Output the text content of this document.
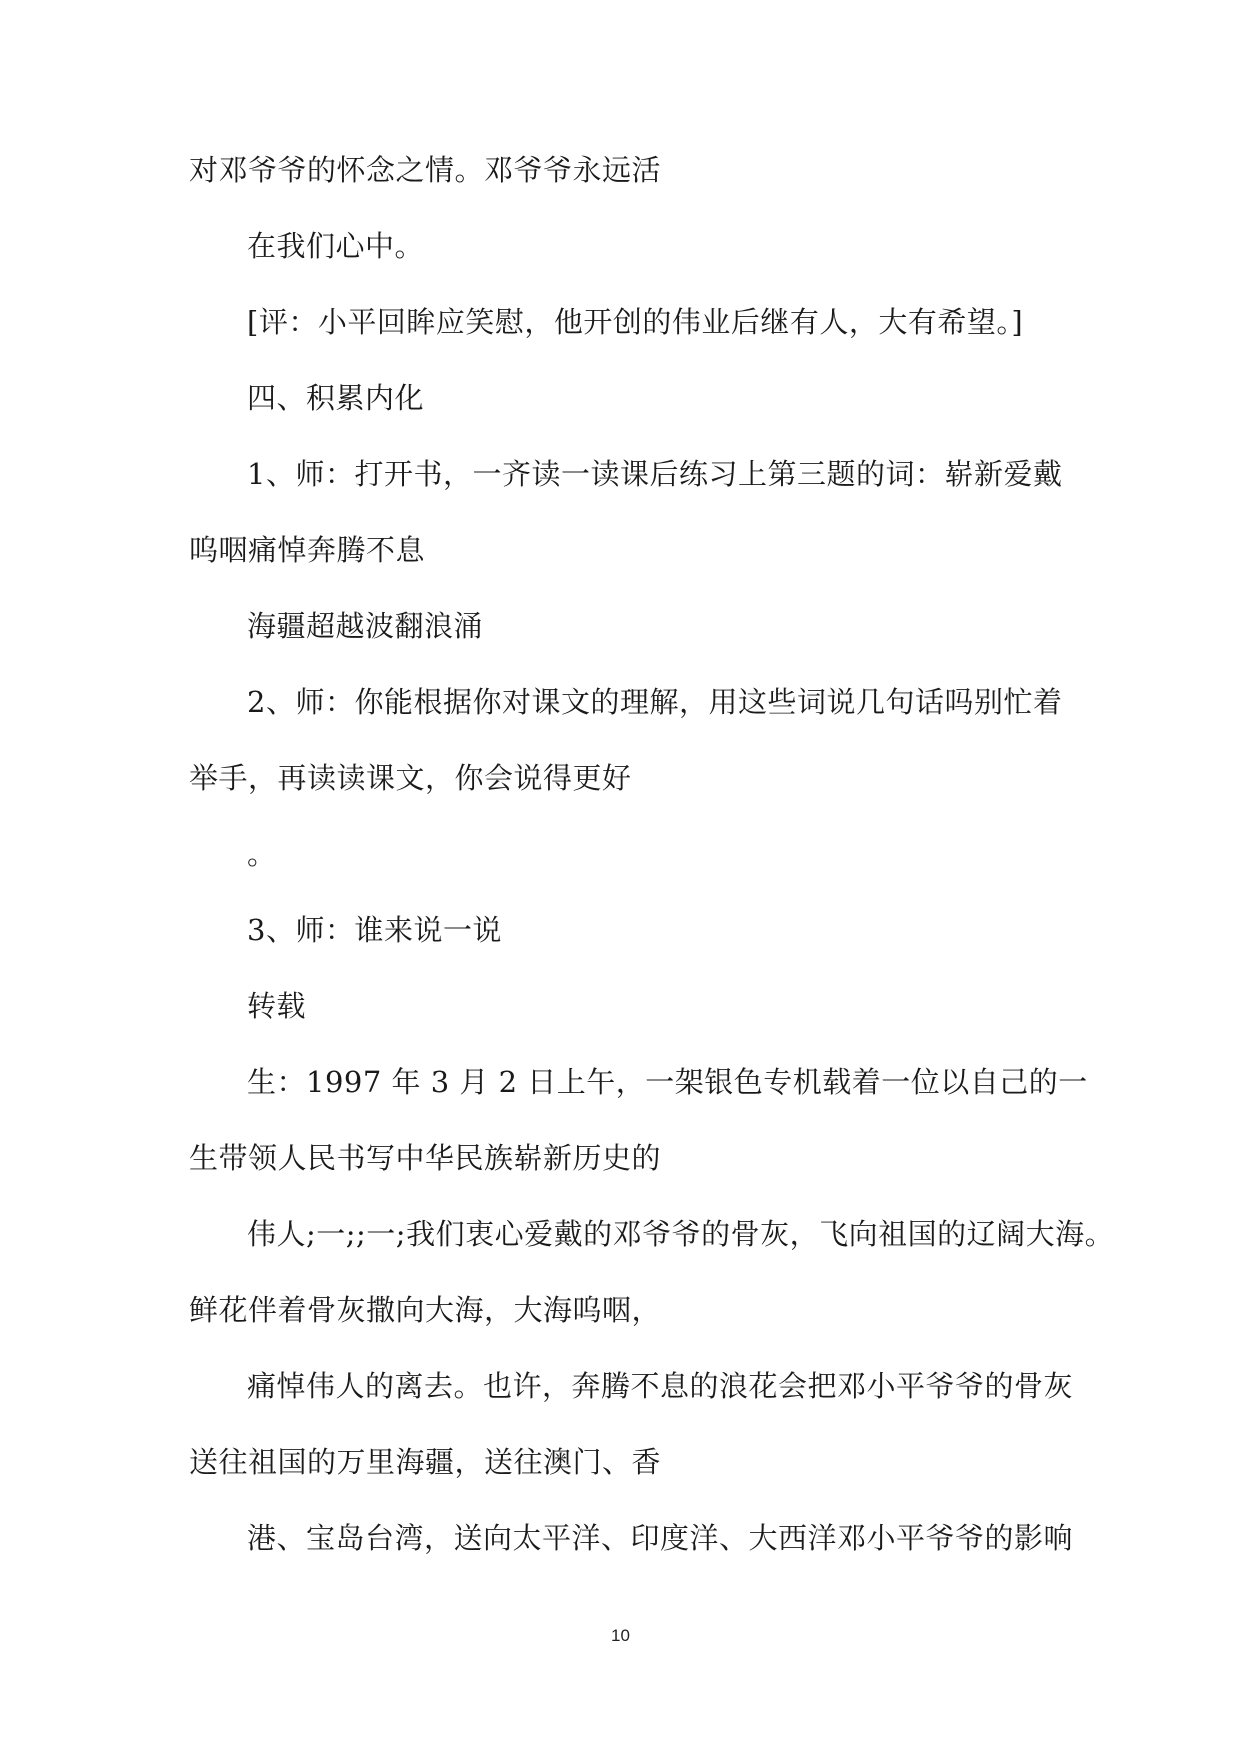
对邓爷爷的怀念之情。邓爷爷永远活
在我们心中。
[评：小平回眸应笑慰，他开创的伟业后继有人，大有希望。]
四、积累内化
1、师：打开书，一齐读一读课后练习上第三题的词：崭新爱戴
呜咽痛悼奔腾不息
海疆超越波翻浪涌
2、师：你能根据你对课文的理解，用这些词说几句话吗别忙着
举手，再读读课文，你会说得更好
。
3、师：谁来说一说
转载
生：1997 年 3 月 2 日上午，一架银色专机载着一位以自己的一
生带领人民书写中华民族崭新历史的
伟人;一;;一;我们衷心爱戴的邓爷爷的骨灰，飞向祖国的辽阔大海。
鲜花伴着骨灰撒向大海，大海呜咽，
痛悼伟人的离去。也许，奔腾不息的浪花会把邓小平爷爷的骨灰
送往祖国的万里海疆，送往澳门、香
港、宝岛台湾，送向太平洋、印度洋、大西洋邓小平爷爷的影响
10
